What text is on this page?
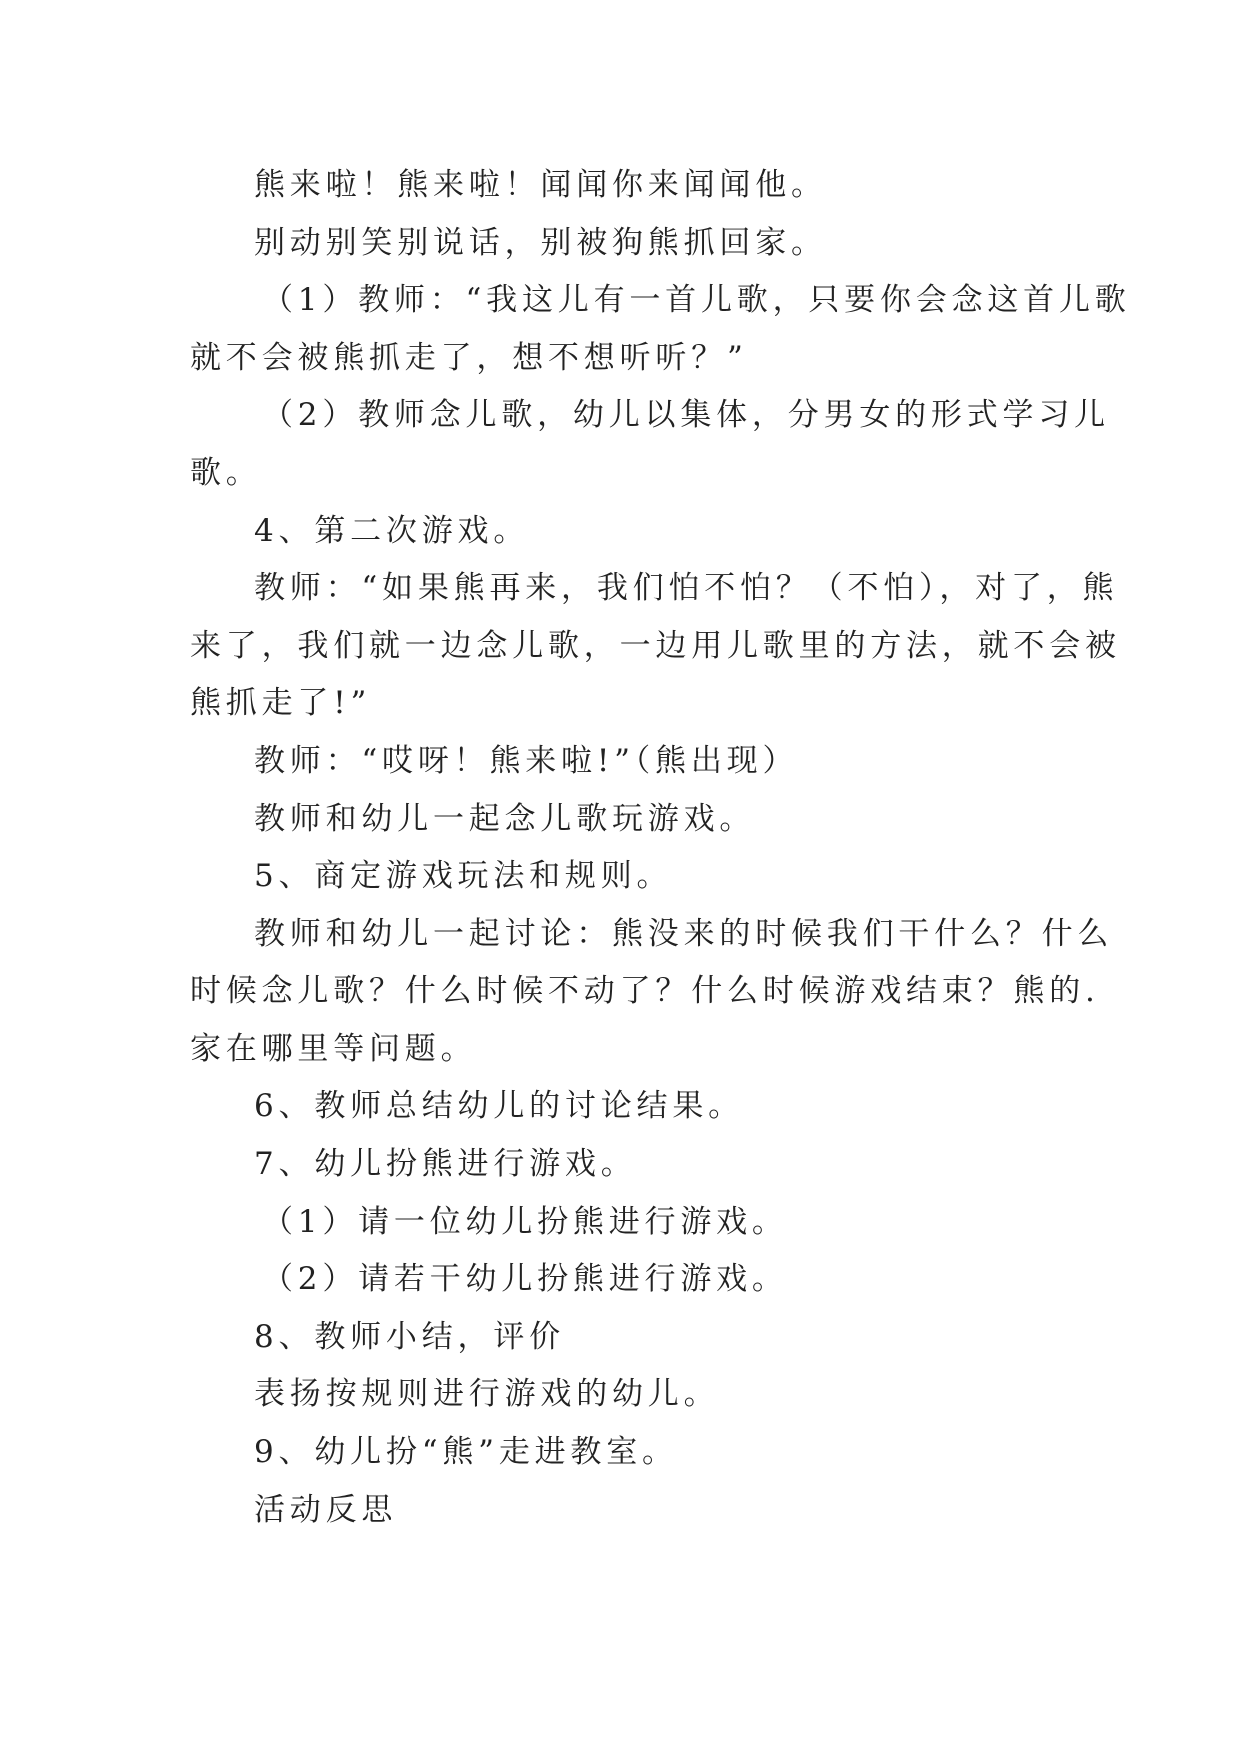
熊来啦！熊来啦！闻闻你来闻闻他。
别动别笑别说话，别被狗熊抓回家。
（1）教师：“我这儿有一首儿歌，只要你会念这首儿歌
就不会被熊抓走了，想不想听听？”
（2）教师念儿歌，幼儿以集体，分男女的形式学习儿
歌。
4、第二次游戏。
教师：“如果熊再来，我们怕不怕？（不怕），对了，熊
来了，我们就一边念儿歌，一边用儿歌里的方法，就不会被
熊抓走了!”
教师：“哎呀！熊来啦!”（熊出现）
教师和幼儿一起念儿歌玩游戏。
5、商定游戏玩法和规则。
教师和幼儿一起讨论：熊没来的时候我们干什么？什么
时候念儿歌？什么时候不动了？什么时候游戏结束？熊的.
家在哪里等问题。
6、教师总结幼儿的讨论结果。
7、幼儿扮熊进行游戏。
（1）请一位幼儿扮熊进行游戏。
（2）请若干幼儿扮熊进行游戏。
8、教师小结，评价
表扬按规则进行游戏的幼儿。
9、幼儿扮“熊”走进教室。
活动反思
